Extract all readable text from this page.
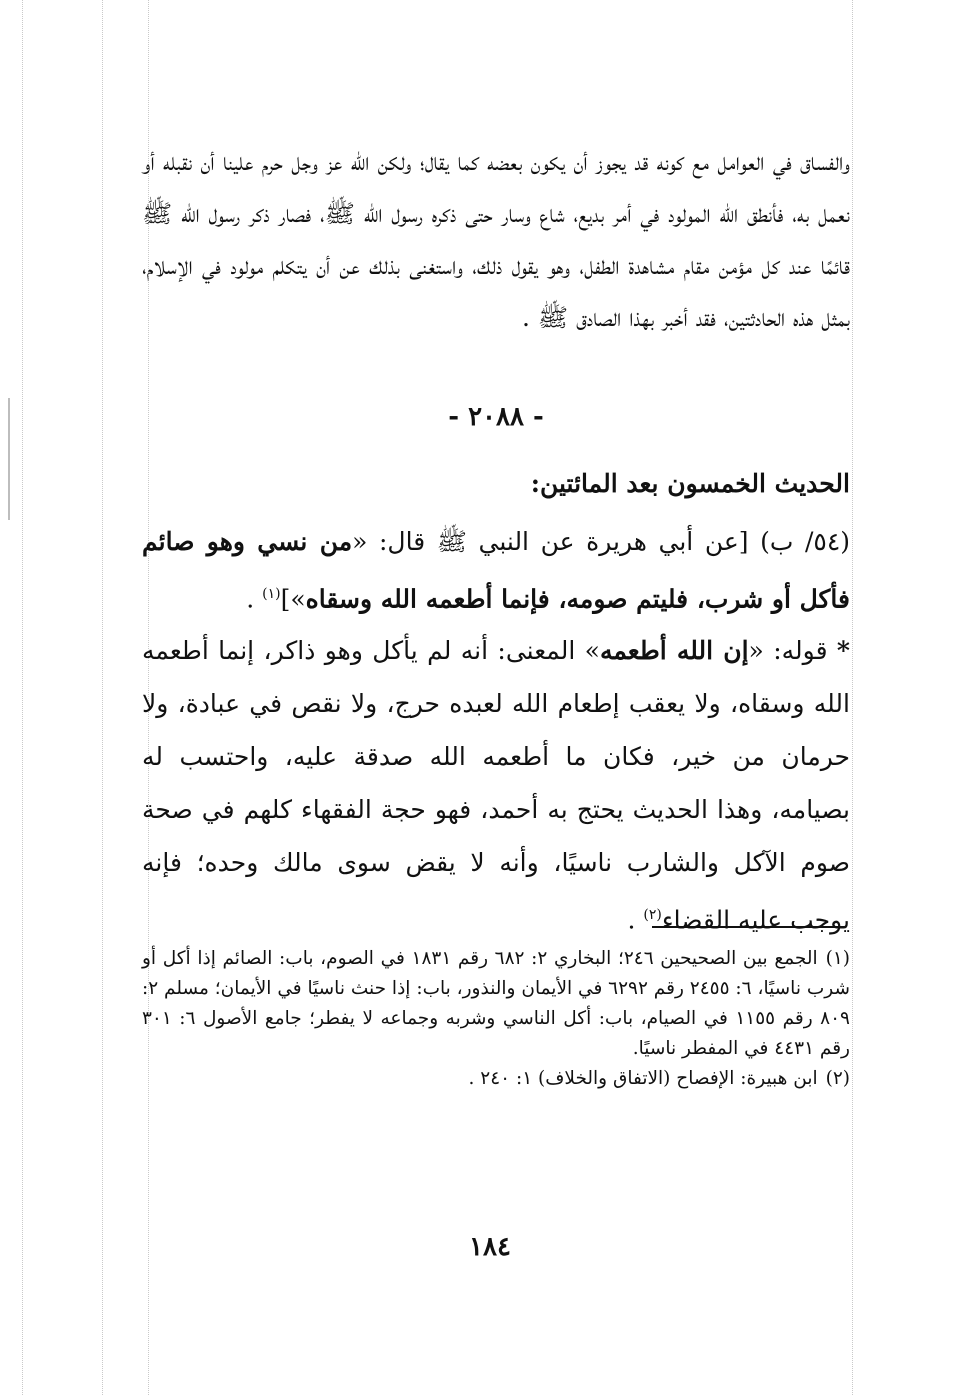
والفساق في العوامل مع كونه قد يجوز أن يكون بعضه كما يقال؛ ولكن الله عز وجل حرم علينا أن نقبله أو نعمل به، فأنطق الله المولود في أمر بديع، شاع وسار حتى ذكره رسول الله ﷺ، فصار ذكر رسول الله ﷺ قائمًا عند كل مؤمن مقام مشاهدة الطفل، وهو يقول ذلك، واستغنى بذلك عن أن يتكلم مولود في الإسلام، بمثل هذه الحادثتين، فقد أخبر بهذا الصادق ﷺ .

- ٢٠٨٨ -

الحديث الخمسون بعد المائتين:

(٥٤/ ب) [عن أبي هريرة عن النبي ﷺ قال: «من نسي وهو صائم فأكل أو شرب، فليتم صومه، فإنما أطعمه الله وسقاه»]$^{(١)}$ .

* قوله: «إن الله أطعمه» المعنى: أنه لم يأكل وهو ذاكر، إنما أطعمه الله وسقاه، ولا يعقب إطعام الله لعبده حرج، ولا نقص في عبادة، ولا حرمان من خير، فكان ما أطعمه الله صدقة عليه، واحتسب له بصيامه، وهذا الحديث يحتج به أحمد، فهو حجة الفقهاء كلهم في صحة صوم الآكل والشارب ناسيًا، وأنه لا يقض سوى مالك وحده؛ فإنه يوجب عليه القضاء$^{(٢)}$ .

(١)الجمع بين الصحيحين ٢٤٦؛ البخاري ٢: ٦٨٢ رقم ١٨٣١ في الصوم، باب: الصائم إذا أكل أو شرب ناسيًا، ٦: ٢٤٥٥ رقم ٦٢٩٢ في الأيمان والنذور، باب: إذا حنث ناسيًا في الأيمان؛ مسلم ٢: ٨٠٩ رقم ١١٥٥ في الصيام، باب: أكل الناسي وشربه وجماعه لا يفطر؛ جامع الأصول ٦: ٣٠١ رقم ٤٤٣١ في المفطر ناسيًا.

(٢)ابن هبيرة: الإفصاح (الاتفاق والخلاف) ١: ٢٤٠ .

١٨٤
